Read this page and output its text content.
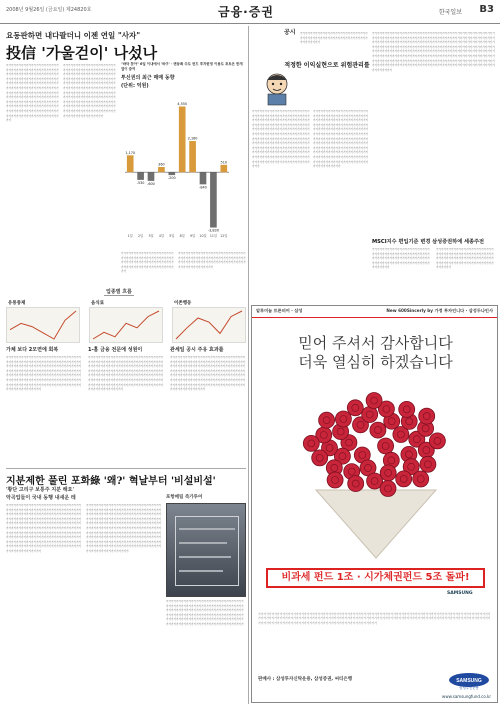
2008년 9월26일 (금요일) 제24820호	금융·증권	한국일보 B3
요동판하면 내다팔더니 이젠 연일 "사자"
投信 '가울걷이' 나섰나
가가가가가가가가가가가가가가가가가가가가가가가가가가가가가가가가가가가가가가가가가가가가가가가가가가가가가가가가가가가가가가가가가가가가가가가가가가가가가가가가가가가가가가가가가가가가가가가가가가가가가가가가가가가가가가가가가가가가가가가가가가가가가가가가가가가가가가가가가가가가가가가가가가가가가가가가가가가가가가가가가가가가가가가가가가가가가가가가가가가가가가가가가가가가가가가가가가가가가가가가가가가가가가가가가가가가가가가가가가가가가가가가가가가가가가가가가가가가가가가가가가가가가가가가가가가가가가
가가가가가가가가가가가가가가가가가가가가가가가가가가가가가가가가가가가가가가가가가가가가가가가가가가가가가가가가가가가가가가가가가가가가가가가가가가가가가가가가가가가가가가가가가가가가가가가가가가가가가가가가가가가가가가가가가가가가가가가가가가가가가가가가가가가가가가가가가가가가가가가가가가가가가가가가가가가가가가가가가가가가가가가가가가가가가가가가가가가가가가가가가가가가가가가가가가가가가가가가가가가가가가가가가가가가가가가가가가가가가가가가가가가가가가가가가가가가가가가가가가가가가가가
"바닥 찾아" 6일 이내에서 '바구' · 변동폭 주도 펀드 투자한정 이용도 포트은 반개 얼이 증여
투신권의 최근 매매 동향
(단위: 억원)
1,170
1일
-530
2일
-600
3일
360
4일
-200
5일
4,550
8일
2,160
9일
-840
10일
-3,830
11일
510
12일
가가가가가가가가가가가가가가가가가가가가가가가가가가가가가가가가가가가가가가가가가가가가가가가가가가가가가가가가가가가가가가가가가가가가가가가가가가가가가가가가가가가가가가
가가가가가가가가가가가가가가가가가가가가가가가가가가가가가가가가가가가가가가가가가가가가가가가가가가가가가가가가가가가가가가가가가가가가가가가가가가가가가가가가가가가가가가가가가가가가가가가
업종별 흐름
유통통제	음식료	이존행동
가체 보다 2모면에 회복	1-홈 금융 전문에 성원이	관세일 공시 주유 효과를
가가가가가가가가가가가가가가가가가가가가가가가가가가가가가가가가가가가가가가가가가가가가가가가가가가가가가가가가가가가가가가가가가가가가가가가가가가가가가가가가가가가가가가가가가가가가가가가가가가가가가가가가가가가가가가가가가가가가가가가가가가가가가가가가가가가가가가가가가가가가가가가가가가가가가가가가가가가가가가가가가가가가가가가가가가가가가가가가가가가가가가가가가가가가가가가가가가가가가가가가가가가가가가가가가가가가가가가가가가가가가가가가
가가가가가가가가가가가가가가가가가가가가가가가가가가가가가가가가가가가가가가가가가가가가가가가가가가가가가가가가가가가가가가가가가가가가가가가가가가가가가가가가가가가가가가가가가가가가가가가가가가가가가가가가가가가가가가가가가가가가가가가가가가가가가가가가가가가가가가가가가가가가가가가가가가가가가가가가가가가가가가가가가가가가가가가가가가가가가가가가가가가가가가가가가가가가가가가가가가가가가가가가가가가가가가가가가가가가가가가가가가가가가가가가
가가가가가가가가가가가가가가가가가가가가가가가가가가가가가가가가가가가가가가가가가가가가가가가가가가가가가가가가가가가가가가가가가가가가가가가가가가가가가가가가가가가가가가가가가가가가가가가가가가가가가가가가가가가가가가가가가가가가가가가가가가가가가가가가가가가가가가가가가가가가가가가가가가가가가가가가가가가가가가가가가가가가가가가가가가가가가가가가가가가가가가가가가가가가가가가가가가가가가가가가가가가가가가가가가가가가가가가가가가가가가가가가
지분제한 풀린 포화綠 '왜?' 혁날부터 '비설비설'
'황단 고리구 보통주 지분 해요'
악곡업들이 국내 동행 내새운 테
가가가가가가가가가가가가가가가가가가가가가가가가가가가가가가가가가가가가가가가가가가가가가가가가가가가가가가가가가가가가가가가가가가가가가가가가가가가가가가가가가가가가가가가가가가가가가가가가가가가가가가가가가가가가가가가가가가가가가가가가가가가가가가가가가가가가가가가가가가가가가가가가가가가가가가가가가가가가가가가가가가가가가가가가가가가가가가가가가가가가가가가가가가가가가가가가가가가가가가가가가가가가가가가가가가가가가가가가가가가가가가가가가가가가가가가가가가가가가가가가가가가가가가가가가가가가가가가가가가가가가가가가가가가가가가가가가가가가가가가가가가가가가가가가가가가가가가가가가가가가가가가가가가가가가가가가가가
가가가가가가가가가가가가가가가가가가가가가가가가가가가가가가가가가가가가가가가가가가가가가가가가가가가가가가가가가가가가가가가가가가가가가가가가가가가가가가가가가가가가가가가가가가가가가가가가가가가가가가가가가가가가가가가가가가가가가가가가가가가가가가가가가가가가가가가가가가가가가가가가가가가가가가가가가가가가가가가가가가가가가가가가가가가가가가가가가가가가가가가가가가가가가가가가가가가가가가가가가가가가가가가가가가가가가가가가가가가가가가가가가가가가가가가가가가가가가가가가가가가가가가가가가가가가가가가가가가가가가가가가가가가가가가가가가가가가가가가가가가가가가가가가가가가가가가가가가가가가가가가가가가가가가가가가가가가가가
포항매립 즉가투어
가가가가가가가가가가가가가가가가가가가가가가가가가가가가가가가가가가가가가가가가가가가가가가가가가가가가가가가가가가가가가가가가가가가가가가가가가가가가가가가가가가가가가가가가가가가가가가가가가가가가가가가가가가가가가가가가가가가가가가가가가가가가가가가가가가가가가가가가가가가가가가가가가가가가가가가가가가가가가가가가가가가가가가가가가가가가가가가가가가가가가가가가가가
공시
적정한 이익실현으로 위험관리를
가가가가가가가가가가가가가가가가가가가가가가가가가가가가가가가가가가가가가가가가가가가가가가가가가가가가가가가가가가가가가가
가가가가가가가가가가가가가가가가가가가가가가가가가가가가가가가가가가가가가가가가가가가가가가가가가가가가가가가가가가가가가가가가가가가가가가가가가가가가가가가가가가가가가가가가가가가가가가가가가가가가가가가가가가가가가가가가가가가가가가가가가가가가가가가가가가가가가가가가가가가가가가가가가가가가가가가가가가가가가가가가가가가가가가가가가가가가가가가가가가가가가가가가가가가가가가가가가가가가가가가가가가가가가가가가가가가가가가가가가가가가가가가가가가가가가가가가가가가가가가가가가가가가가가가가가가가가가가가가가가가가가가가가가가가가가가가가가가가가가가가가가가가가가가가가가가가가가가가가가가가가가가가가가가가가가가가가가가가가가가가가가가가가가가가가가가가가가가가가가가가가가가가가가가가가가가가가가가가가가가가가가가가가가가가가가가가가가가가가가가가가가가가가가가가가가가가가가가가가가가가가
가가가가가가가가가가가가가가가가가가가가가가가가가가가가가가가가가가가가가가가가가가가가가가가가가가가가가가가가가가가가가가가가가가가가가가가가가가가가가가가가가가가가가가가가가가가가가가가가가가가가가가가가가가가가가가가가가가가가가가가가가가가가가가가가가가가가가가가가가가가가가가가가가가가가가가가가가가가가가가가가가가가가가가가가가가가가가가가가가가가가가가가가가가가가가가가가가가가가가가가가가가가가가가가가가가가가가가가가가가가가가가가가가가가가가가가가가가가가가가가가가가가가가가가가가가가가가가가가가가가가가가가가가가가가가가가가가가가가가가가
가가가가가가가가가가가가가가가가가가가가가가가가가가가가가가가가가가가가가가가가가가가가가가가가가가가가가가가가가가가가가가가가가가가가가가가가가가가가가가가가가가가가가가가가가가가가가가가가가가가가가가가가가가가가가가가가가가가가가가가가가가가가가가가가가가가가가가가가가가가가가가가가가가가가가가가가가가가가가가가가가가가가가가가가가가가가가가가가가가가가가가가가가가가가가가가가가가가가가가가가가가가가가가가가가가가가가가가가가가가가가가가가가가가가가가가가가가가가가가가가가가가가가가가가가가가가가가가가가가가가가가가가가가가가가가가가가가가
MSCI지수 편입기준 변경 삼성증권하에 세종주전
가가가가가가가가가가가가가가가가가가가가가가가가가가가가가가가가가가가가가가가가가가가가가가가가가가가가가가가가가가가가가가가가가가가가가가가가가가가가가가가가가가가가가가가가가가가가가가가가가가가
가가가가가가가가가가가가가가가가가가가가가가가가가가가가가가가가가가가가가가가가가가가가가가가가가가가가가가가가가가가가가가가가가가가가가가가가가가가가가가가가가가가가가가가가가가가가가가가가가가
알루미늄 트론터어 · 삼성	New 600Sincerly by 가정 투자인니다 · 삼성두나인사
믿어 주셔서 감사합니다
더욱 열심히 하겠습니다
비과세 펀드 1조 · 시가체권펀드 5조 돌파!
SAMSUNG
가가가가가가가가가가가가가가가가가가가가가가가가가가가가가가가가가가가가가가가가가가가가가가가가가가가가가가가가가가가가가가가가가가가가가가가가가가가가가가가가가가가가가가가가가가가가가가가가가가가가가가가가가가가가가가가가가가가가가가가가가가가가가가가가가가가가가가가가가가가가가가가가가가가가가가가가가가가가가가가가가가가가가가가가가가가가가가가가가가가가가가가가가가가가가가가가가가가가가가가가가가가가가가가가가가가가가가가가
판매사 : 삼성투자신탁운용, 삼성증권, 씨티은행	SAMSUNG
삼성투신운용
www.samsungfund.co.kr
